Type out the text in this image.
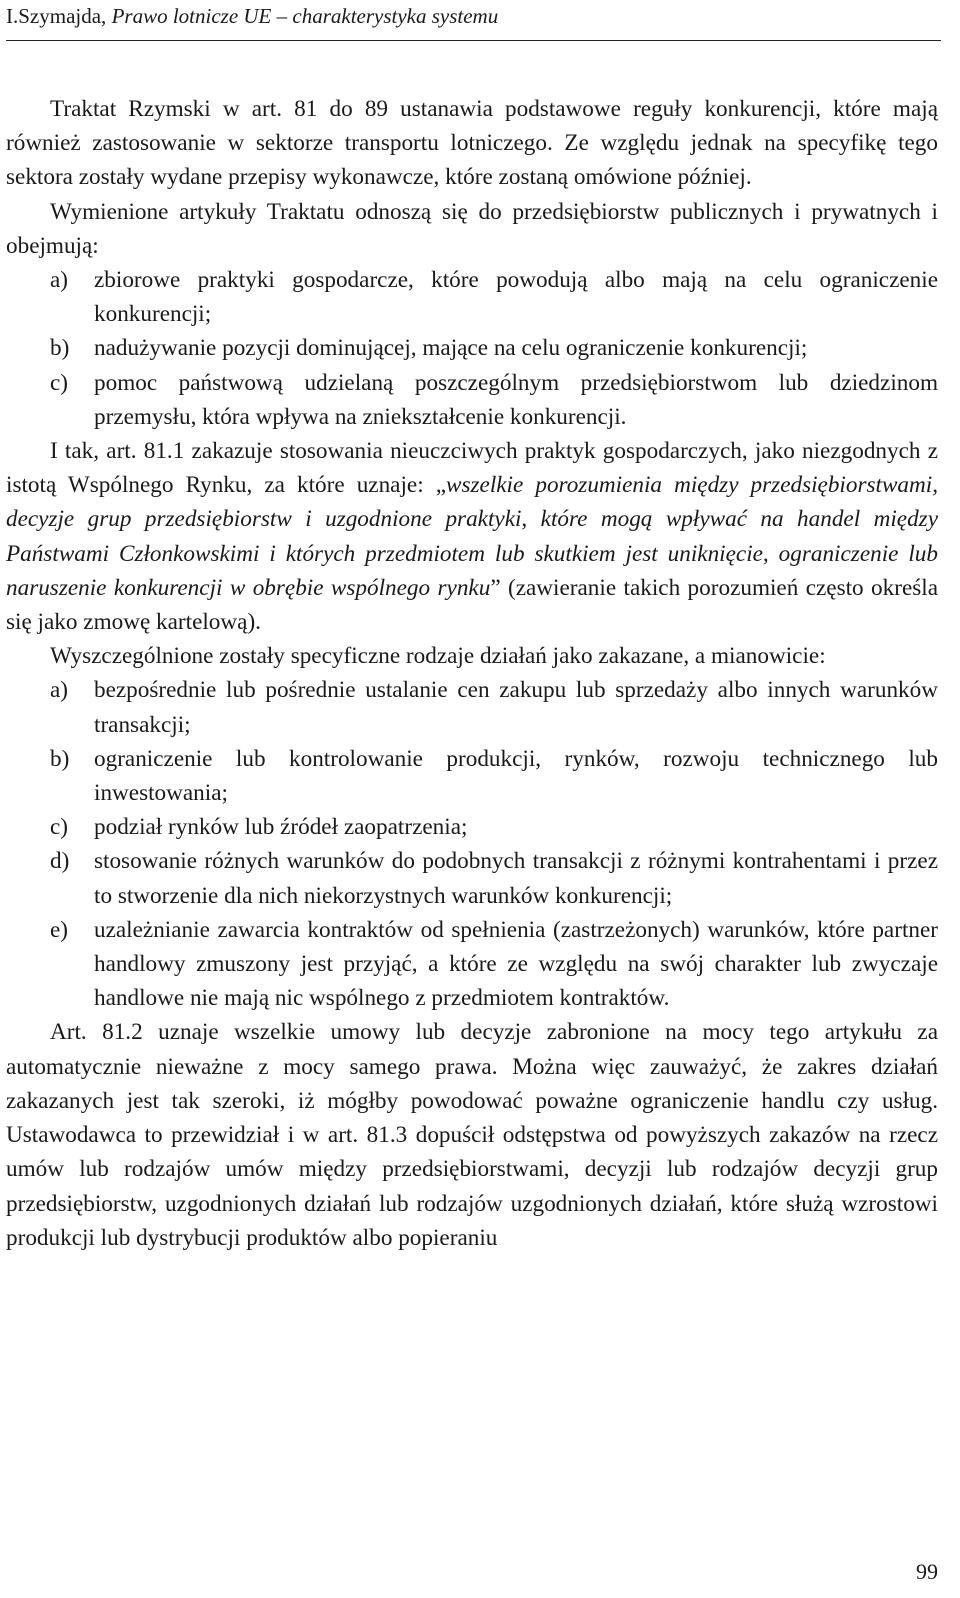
I.Szymajda, Prawo lotnicze UE – charakterystyka systemu

Traktat Rzymski w art. 81 do 89 ustanawia podstawowe reguły konkurencji, które mają również zastosowanie w sektorze transportu lotniczego. Ze względu jednak na specyfikę tego sektora zostały wydane przepisy wykonawcze, które zostaną omówione później.

Wymienione artykuły Traktatu odnoszą się do przedsiębiorstw publicznych i prywatnych i obejmują:

a)	zbiorowe praktyki gospodarcze, które powodują albo mają na celu ograniczenie konkurencji;
b)	nadużywanie pozycji dominującej, mające na celu ograniczenie konkurencji;
c)	pomoc państwową udzielaną poszczególnym przedsiębiorstwom lub dziedzinom przemysłu, która wpływa na zniekształcenie konkurencji.

I tak, art. 81.1 zakazuje stosowania nieuczciwych praktyk gospodarczych, jako niezgodnych z istotą Wspólnego Rynku, za które uznaje: „wszelkie porozumienia między przedsiębiorstwami, decyzje grup przedsiębiorstw i uzgodnione praktyki, które mogą wpływać na handel między Państwami Członkowskimi i których przedmiotem lub skutkiem jest uniknięcie, ograniczenie lub naruszenie konkurencji w obrębie wspólnego rynku” (zawieranie takich porozumień często określa się jako zmowę kartelową).

Wyszczególnione zostały specyficzne rodzaje działań jako zakazane, a mianowicie:

a)	bezpośrednie lub pośrednie ustalanie cen zakupu lub sprzedaży albo innych warunków transakcji;
b)	ograniczenie lub kontrolowanie produkcji, rynków, rozwoju technicznego lub inwestowania;
c)	podział rynków lub źródeł zaopatrzenia;
d)	stosowanie różnych warunków do podobnych transakcji z różnymi kontrahentami i przez to stworzenie dla nich niekorzystnych warunków konkurencji;
e)	uzależnianie zawarcia kontraktów od spełnienia (zastrzeżonych) warunków, które partner handlowy zmuszony jest przyjąć, a które ze względu na swój charakter lub zwyczaje handlowe nie mają nic wspólnego z przedmiotem kontraktów.

Art. 81.2 uznaje wszelkie umowy lub decyzje zabronione na mocy tego artykułu za automatycznie nieważne z mocy samego prawa. Można więc zauważyć, że zakres działań zakazanych jest tak szeroki, iż mógłby powodować poważne ograniczenie handlu czy usług. Ustawodawca to przewidział i w art. 81.3 dopuścił odstępstwa od powyższych zakazów na rzecz umów lub rodzajów umów między przedsiębiorstwami, decyzji lub rodzajów decyzji grup przedsiębiorstw, uzgodnionych działań lub rodzajów uzgodnionych działań, które służą wzrostowi produkcji lub dystrybucji produktów albo popieraniu

99
